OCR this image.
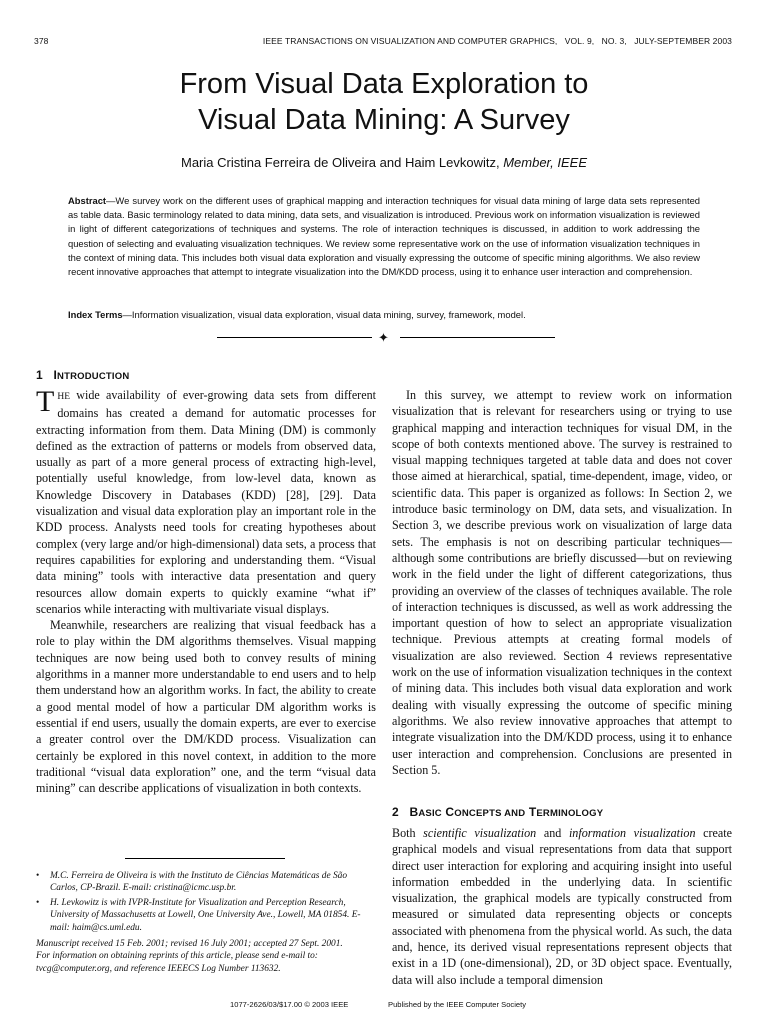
378	IEEE TRANSACTIONS ON VISUALIZATION AND COMPUTER GRAPHICS,   VOL. 9,   NO. 3,   JULY-SEPTEMBER 2003
From Visual Data Exploration to
Visual Data Mining: A Survey
Maria Cristina Ferreira de Oliveira and Haim Levkowitz, Member, IEEE
Abstract—We survey work on the different uses of graphical mapping and interaction techniques for visual data mining of large data sets represented as table data. Basic terminology related to data mining, data sets, and visualization is introduced. Previous work on information visualization is reviewed in light of different categorizations of techniques and systems. The role of interaction techniques is discussed, in addition to work addressing the question of selecting and evaluating visualization techniques. We review some representative work on the use of information visualization techniques in the context of mining data. This includes both visual data exploration and visually expressing the outcome of specific mining algorithms. We also review recent innovative approaches that attempt to integrate visualization into the DM/KDD process, using it to enhance user interaction and comprehension.
Index Terms—Information visualization, visual data exploration, visual data mining, survey, framework, model.
✦
1 INTRODUCTION

THE wide availability of ever-growing data sets from different domains has created a demand for automatic processes for extracting information from them. Data Mining (DM) is commonly defined as the extraction of patterns or models from observed data, usually as part of a more general process of extracting high-level, potentially useful knowledge, from low-level data, known as Knowledge Discovery in Databases (KDD) [28], [29]. Data visualization and visual data exploration play an important role in the KDD process. Analysts need tools for creating hypotheses about complex (very large and/or high-dimensional) data sets, a process that requires capabilities for exploring and understanding them. “Visual data mining” tools with interactive data presentation and query resources allow domain experts to quickly examine “what if” scenarios while interacting with multivariate visual displays.

Meanwhile, researchers are realizing that visual feedback has a role to play within the DM algorithms themselves. Visual mapping techniques are now being used both to convey results of mining algorithms in a manner more understandable to end users and to help them understand how an algorithm works. In fact, the ability to create a good mental model of how a particular DM algorithm works is essential if end users, usually the domain experts, are ever to exercise a greater control over the DM/KDD process. Visualization can certainly be explored in this novel context, in addition to the more traditional “visual data exploration” one, and the term “visual data mining” can describe applications of visualization in both contexts.

• M.C. Ferreira de Oliveira is with the Instituto de Ciências Matemáticas de São Carlos, CP-Brazil. E-mail: cristina@icmc.usp.br.
• H. Levkowitz is with IVPR-Institute for Visualization and Perception Research, University of Massachusetts at Lowell, One University Ave., Lowell, MA 01854. E-mail: haim@cs.uml.edu.

Manuscript received 15 Feb. 2001; revised 16 July 2001; accepted 27 Sept. 2001.

For information on obtaining reprints of this article, please send e-mail to: tvcg@computer.org, and reference IEEECS Log Number 113632.

In this survey, we attempt to review work on information visualization that is relevant for researchers using or trying to use graphical mapping and interaction techniques for visual DM, in the scope of both contexts mentioned above. The survey is restrained to visual mapping techniques targeted at table data and does not cover those aimed at hierarchical, spatial, time-dependent, image, video, or scientific data. This paper is organized as follows: In Section 2, we introduce basic terminology on DM, data sets, and visualization. In Section 3, we describe previous work on visualization of large data sets. The emphasis is not on describing particular techniques—although some contributions are briefly discussed—but on reviewing work in the field under the light of different categorizations, thus providing an overview of the classes of techniques available. The role of interaction techniques is discussed, as well as work addressing the important question of how to select an appropriate visualization technique. Previous attempts at creating formal models of visualization are also reviewed. Section 4 reviews representative work on the use of information visualization techniques in the context of mining data. This includes both visual data exploration and work dealing with visually expressing the outcome of specific mining algorithms. We also review innovative approaches that attempt to integrate visualization into the DM/KDD process, using it to enhance user interaction and comprehension. Conclusions are presented in Section 5.

2 BASIC CONCEPTS AND TERMINOLOGY

Both scientific visualization and information visualization create graphical models and visual representations from data that support direct user interaction for exploring and acquiring insight into useful information embedded in the underlying data. In scientific visualization, the graphical models are typically constructed from measured or simulated data representing objects or concepts associated with phenomena from the physical world. As such, the data and, hence, its derived visual representations represent objects that exist in a 1D (one-dimensional), 2D, or 3D object space. Eventually, data will also include a temporal dimension

1077-2626/03/$17.00 © 2003 IEEE	Published by the IEEE Computer Society
